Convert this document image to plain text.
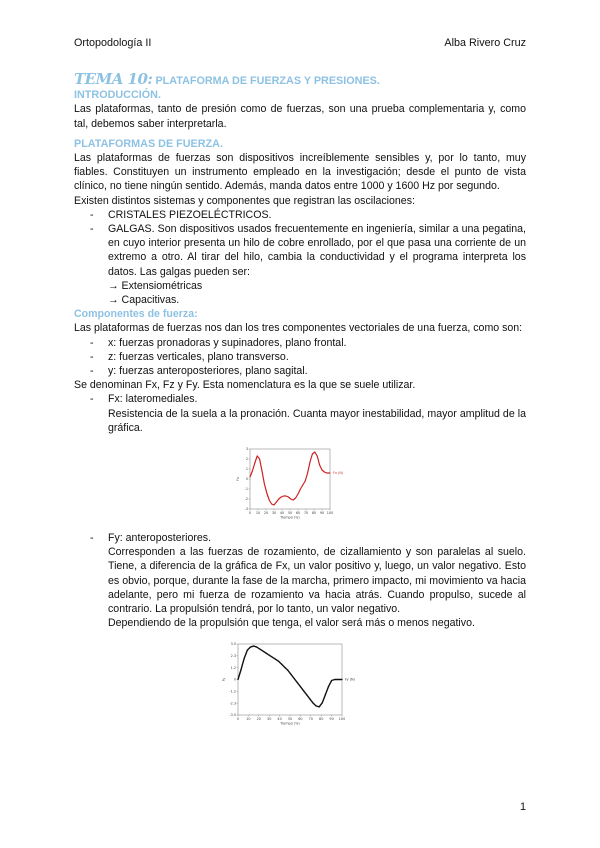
Ortopodología II	Alba Rivero Cruz
TEMA 10: PLATAFORMA DE FUERZAS Y PRESIONES.
INTRODUCCIÓN.

Las plataformas, tanto de presión como de fuerzas, son una prueba complementaria y, como tal, debemos saber interpretarla.

PLATAFORMAS DE FUERZA.

Las plataformas de fuerzas son dispositivos increíblemente sensibles y, por lo tanto, muy fiables. Constituyen un instrumento empleado en la investigación; desde el punto de vista clínico, no tiene ningún sentido. Además, manda datos entre 1000 y 1600 Hz por segundo.

Existen distintos sistemas y componentes que registran las oscilaciones:

- CRISTALES PIEZOELÉCTRICOS.
- GALGAS. Son dispositivos usados frecuentemente en ingeniería, similar a una pegatina, en cuyo interior presenta un hilo de cobre enrollado, por el que pasa una corriente de un extremo a otro. Al tirar del hilo, cambia la conductividad y el programa interpreta los datos. Las galgas pueden ser:
→ Extensiométricas
→ Capacitivas.
Componentes de fuerza:

Las plataformas de fuerzas nos dan los tres componentes vectoriales de una fuerza, como son:

- x: fuerzas pronadoras y supinadores, plano frontal.
- z: fuerzas verticales, plano transverso.
- y: fuerzas anteroposteriores, plano sagital.

Se denominan Fx, Fz y Fy. Esta nomenclatura es la que se suele utilizar.

- Fx: lateromediales.
Resistencia de la suela a la pronación. Cuanta mayor inestabilidad, mayor amplitud de la gráfica.
0 10 20 30 40 50 60 70 80 90 100
-3
-2
-1
0
1
2
3
Tiempo (%)
Fx
Fx (N)
- Fy: anteroposteriores.
Corresponden a las fuerzas de rozamiento, de cizallamiento y son paralelas al suelo. Tiene, a diferencia de la gráfica de Fx, un valor positivo y, luego, un valor negativo. Esto es obvio, porque, durante la fase de la marcha, primero impacto, mi movimiento va hacia adelante, pero mi fuerza de rozamiento va hacia atrás. Cuando propulso, sucede al contrario. La propulsión tendrá, por lo tanto, un valor negativo.
Dependiendo de la propulsión que tenga, el valor será más o menos negativo.
0 10 20 30 40 50 60 70 80 90 100
-3.5
-2.3
-1.2
0
1.2
2.3
3.5
Tiempo (%)
Fy	Fy (N)
1
